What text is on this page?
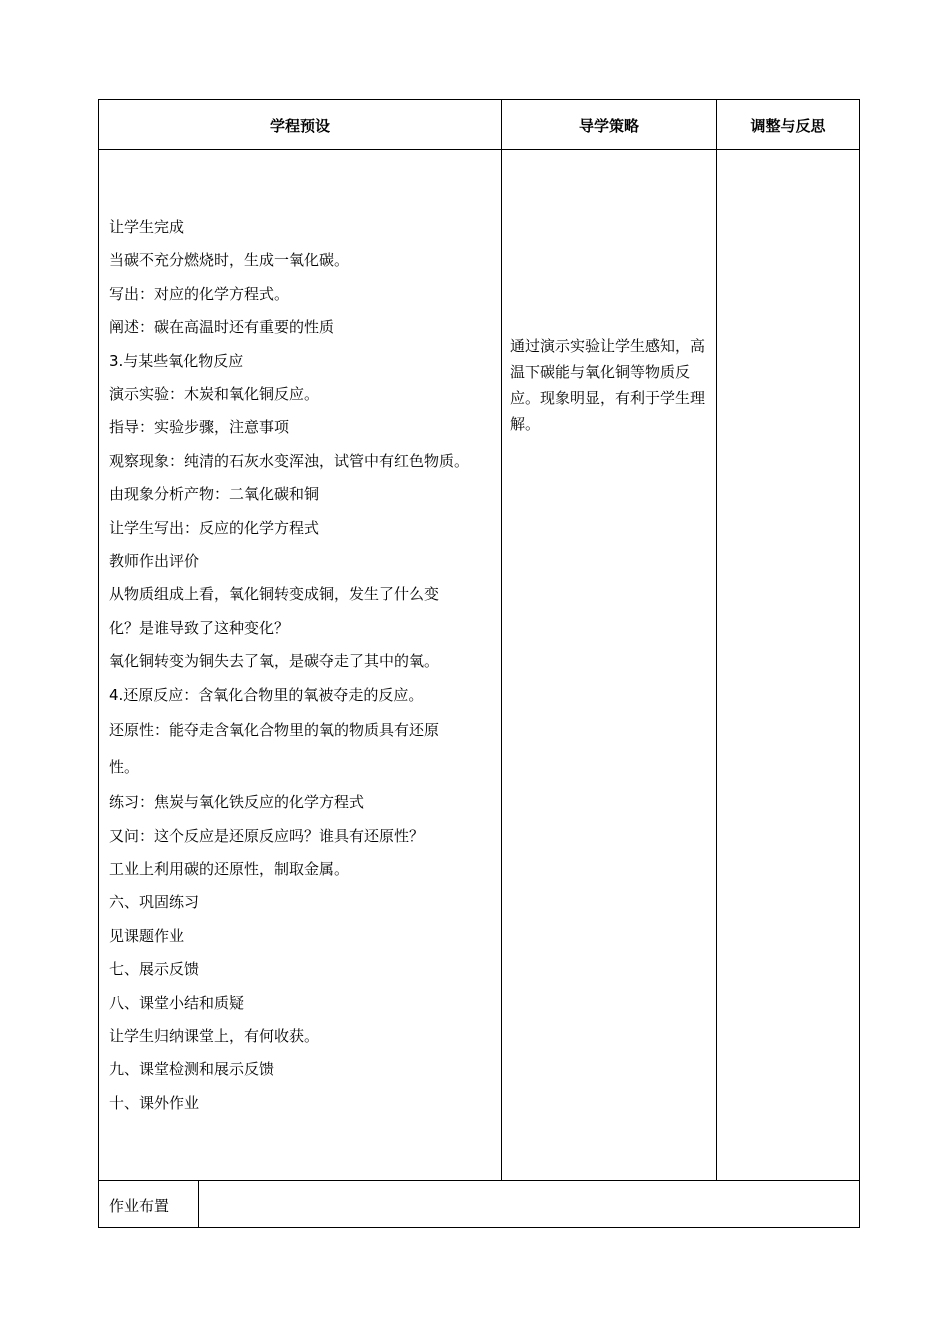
学程预设	导学策略	调整与反思
让学生完成
当碳不充分燃烧时，生成一氧化碳。
写出：对应的化学方程式。
阐述：碳在高温时还有重要的性质
3.与某些氧化物反应
演示实验：木炭和氧化铜反应。
指导：实验步骤，注意事项
观察现象：纯清的石灰水变浑浊，试管中有红色物质。
由现象分析产物：二氧化碳和铜
让学生写出：反应的化学方程式
教师作出评价
从物质组成上看，氧化铜转变成铜，发生了什么变
化？是谁导致了这种变化？
氧化铜转变为铜失去了氧，是碳夺走了其中的氧。
4.还原反应：含氧化合物里的氧被夺走的反应。
还原性：能夺走含氧化合物里的氧的物质具有还原
性。
练习：焦炭与氧化铁反应的化学方程式
又问：这个反应是还原反应吗？谁具有还原性？
工业上利用碳的还原性，制取金属。
六、巩固练习
见课题作业
七、展示反馈
八、课堂小结和质疑
让学生归纳课堂上，有何收获。
九、课堂检测和展示反馈
十、课外作业
通过演示实验让学生感知，高温下碳能与氧化铜等物质反应。现象明显，有利于学生理解。
作业布置
